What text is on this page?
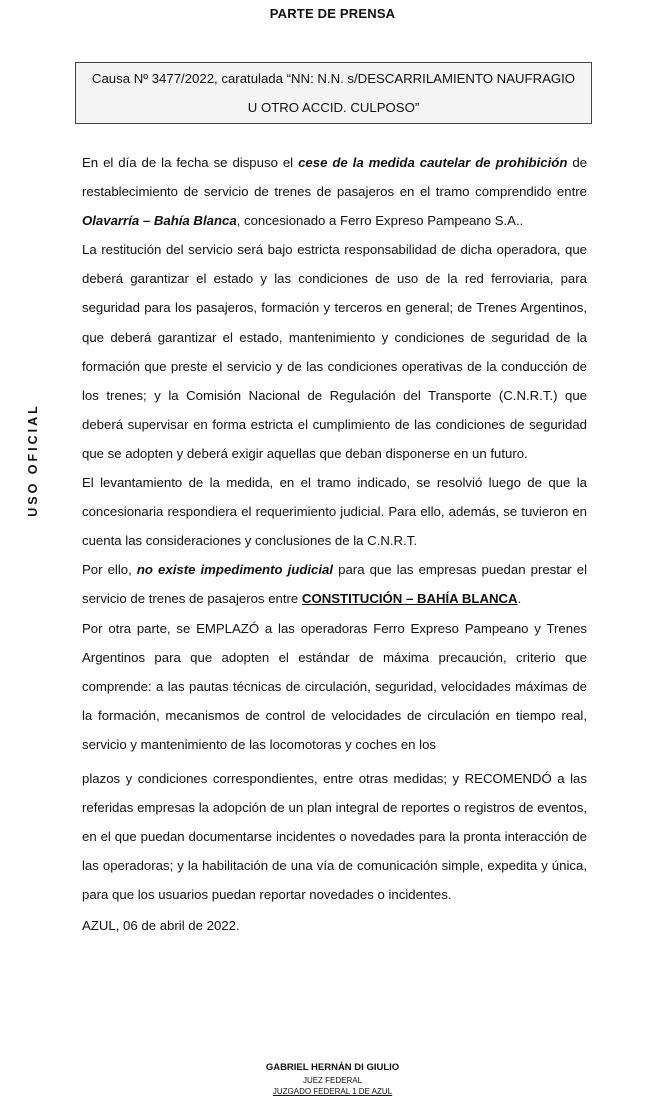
PARTE DE PRENSA
Causa Nº 3477/2022, caratulada “NN: N.N. s/DESCARRILAMIENTO NAUFRAGIO
U OTRO ACCID. CULPOSO”
USO OFICIAL

En el día de la fecha se dispuso el cese de la medida cautelar de prohibición de restablecimiento de servicio de trenes de pasajeros en el tramo comprendido entre Olavarría – Bahía Blanca, concesionado a Ferro Expreso Pampeano S.A..

La restitución del servicio será bajo estricta responsabilidad de dicha operadora, que deberá garantizar el estado y las condiciones de uso de la red ferroviaria, para seguridad para los pasajeros, formación y terceros en general; de Trenes Argentinos, que deberá garantizar el estado, mantenimiento y condiciones de seguridad de la formación que preste el servicio y de las condiciones operativas de la conducción de los trenes; y la Comisión Nacional de Regulación del Transporte (C.N.R.T.) que deberá supervisar en forma estricta el cumplimiento de las condiciones de seguridad que se adopten y deberá exigir aquellas que deban disponerse en un futuro.

El levantamiento de la medida, en el tramo indicado, se resolvió luego de que la concesionaria respondiera el requerimiento judicial. Para ello, además, se tuvieron en cuenta las consideraciones y conclusiones de la C.N.R.T.

Por ello, no existe impedimento judicial para que las empresas puedan prestar el servicio de trenes de pasajeros entre CONSTITUCIÓN – BAHÍA BLANCA.

Por otra parte, se EMPLAZÓ a las operadoras Ferro Expreso Pampeano y Trenes Argentinos para que adopten el estándar de máxima precaución, criterio que comprende: a las pautas técnicas de circulación, seguridad, velocidades máximas de la formación, mecanismos de control de velocidades de circulación en tiempo real, servicio y mantenimiento de las locomotoras y coches en los

plazos y condiciones correspondientes, entre otras medidas; y RECOMENDÓ a las referidas empresas la adopción de un plan integral de reportes o registros de eventos, en el que puedan documentarse incidentes o novedades para la pronta interacción de las operadoras; y la habilitación de una vía de comunicación simple, expedita y única, para que los usuarios puedan reportar novedades o incidentes.

AZUL, 06 de abril de 2022.

GABRIEL HERNÁN DI GIULIO
JUEZ FEDERAL
JUZGADO FEDERAL 1 DE AZUL
